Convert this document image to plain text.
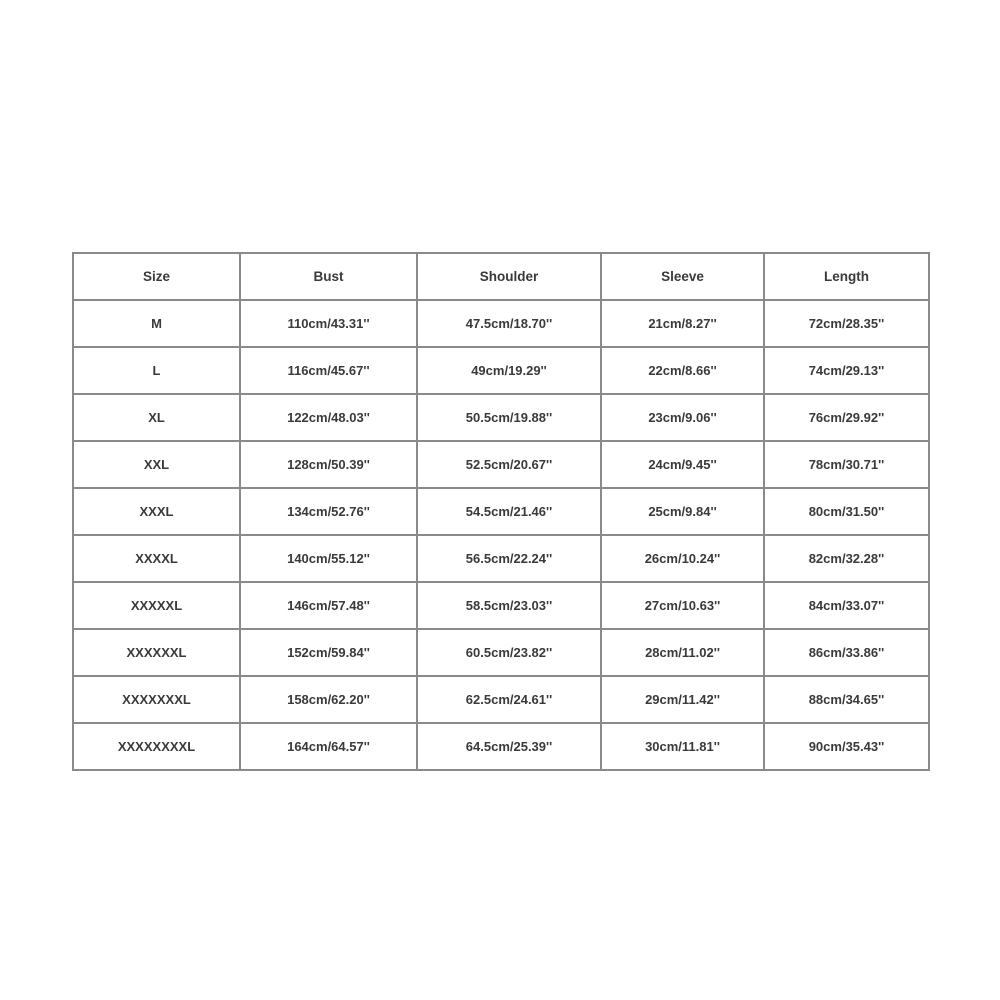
Size	Bust	Shoulder	Sleeve	Length
M	110cm/43.31''	47.5cm/18.70''	21cm/8.27''	72cm/28.35''
L	116cm/45.67''	49cm/19.29''	22cm/8.66''	74cm/29.13''
XL	122cm/48.03''	50.5cm/19.88''	23cm/9.06''	76cm/29.92''
XXL	128cm/50.39''	52.5cm/20.67''	24cm/9.45''	78cm/30.71''
XXXL	134cm/52.76''	54.5cm/21.46''	25cm/9.84''	80cm/31.50''
XXXXL	140cm/55.12''	56.5cm/22.24''	26cm/10.24''	82cm/32.28''
XXXXXL	146cm/57.48''	58.5cm/23.03''	27cm/10.63''	84cm/33.07''
XXXXXXL	152cm/59.84''	60.5cm/23.82''	28cm/11.02''	86cm/33.86''
XXXXXXXL	158cm/62.20''	62.5cm/24.61''	29cm/11.42''	88cm/34.65''
XXXXXXXXL	164cm/64.57''	64.5cm/25.39''	30cm/11.81''	90cm/35.43''
